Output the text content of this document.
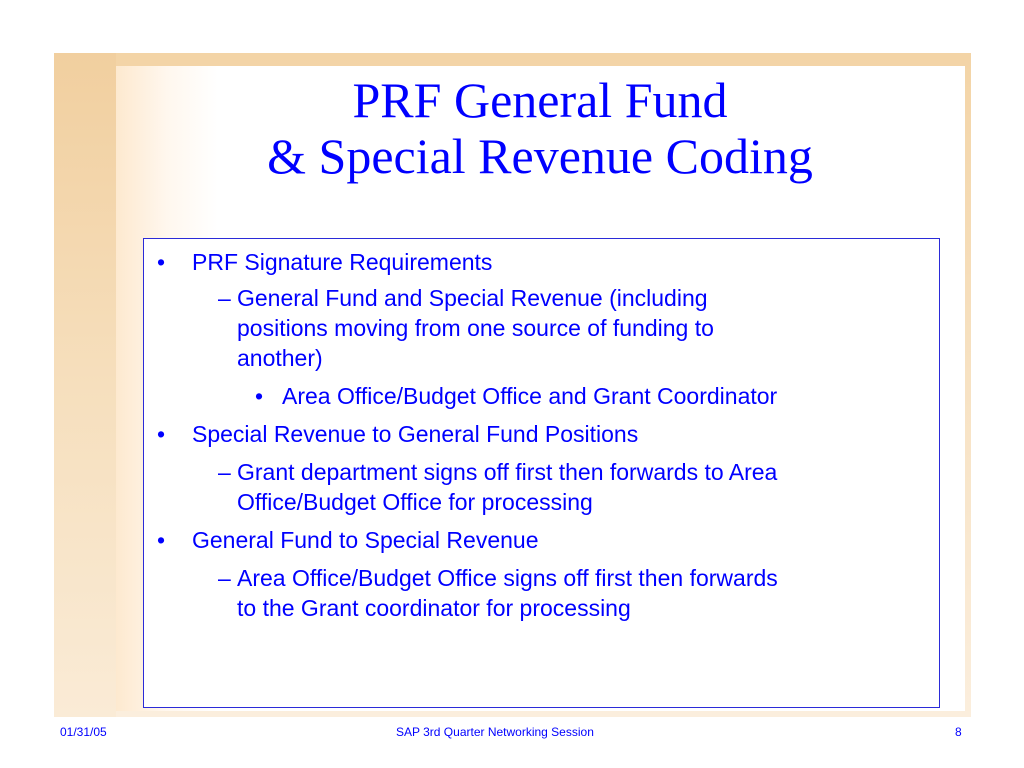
PRF General Fund
& Special Revenue Coding
• PRF Signature Requirements
– General Fund and Special Revenue (including
positions moving from one source of funding to
another)
• Area Office/Budget Office and Grant Coordinator
• Special Revenue to General Fund Positions
– Grant department signs off first then forwards to Area
Office/Budget Office for processing
• General Fund to Special Revenue
– Area Office/Budget Office signs off first then forwards
to the Grant coordinator for processing
01/31/05	SAP 3rd Quarter Networking Session	8
